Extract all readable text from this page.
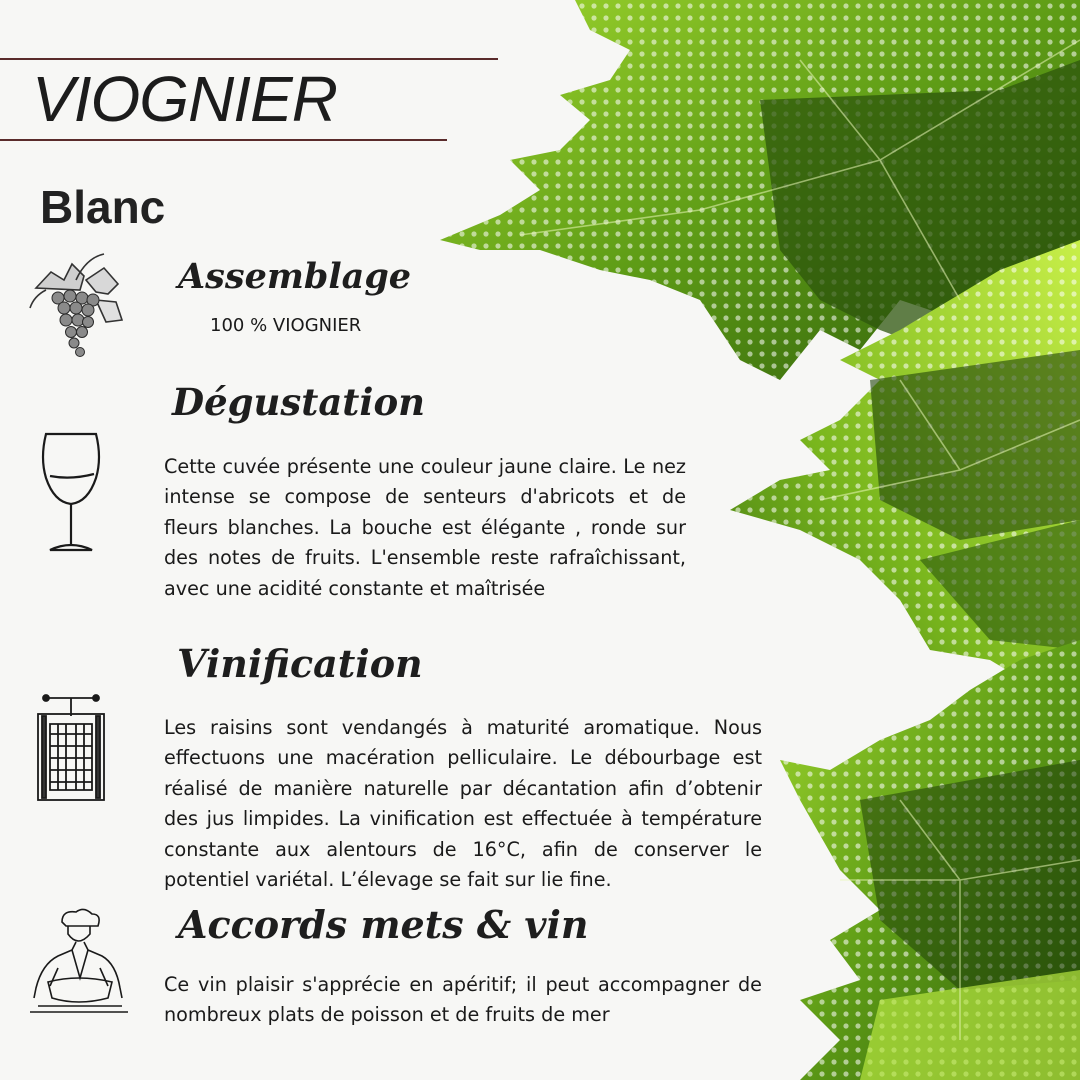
VIOGNIER
Blanc
Assemblage

100 % VIOGNIER

Dégustation

Cette cuvée présente une couleur jaune claire. Le nez intense se compose de senteurs d'abricots et de fleurs blanches. La bouche est élégante , ronde sur des notes de fruits. L'ensemble reste rafraîchissant, avec une acidité constante et maîtrisée

Vinification

Les raisins sont vendangés à maturité aromatique. Nous effectuons une macération pelliculaire. Le débourbage est réalisé de manière naturelle par décantation afin d’obtenir des jus limpides. La vinification est effectuée à température constante aux alentours de 16°C, afin de conserver le potentiel variétal. L’élevage se fait sur lie fine.

Accords mets & vin

Ce vin plaisir s'apprécie en apéritif; il peut accompagner de nombreux plats de poisson et de fruits de mer
